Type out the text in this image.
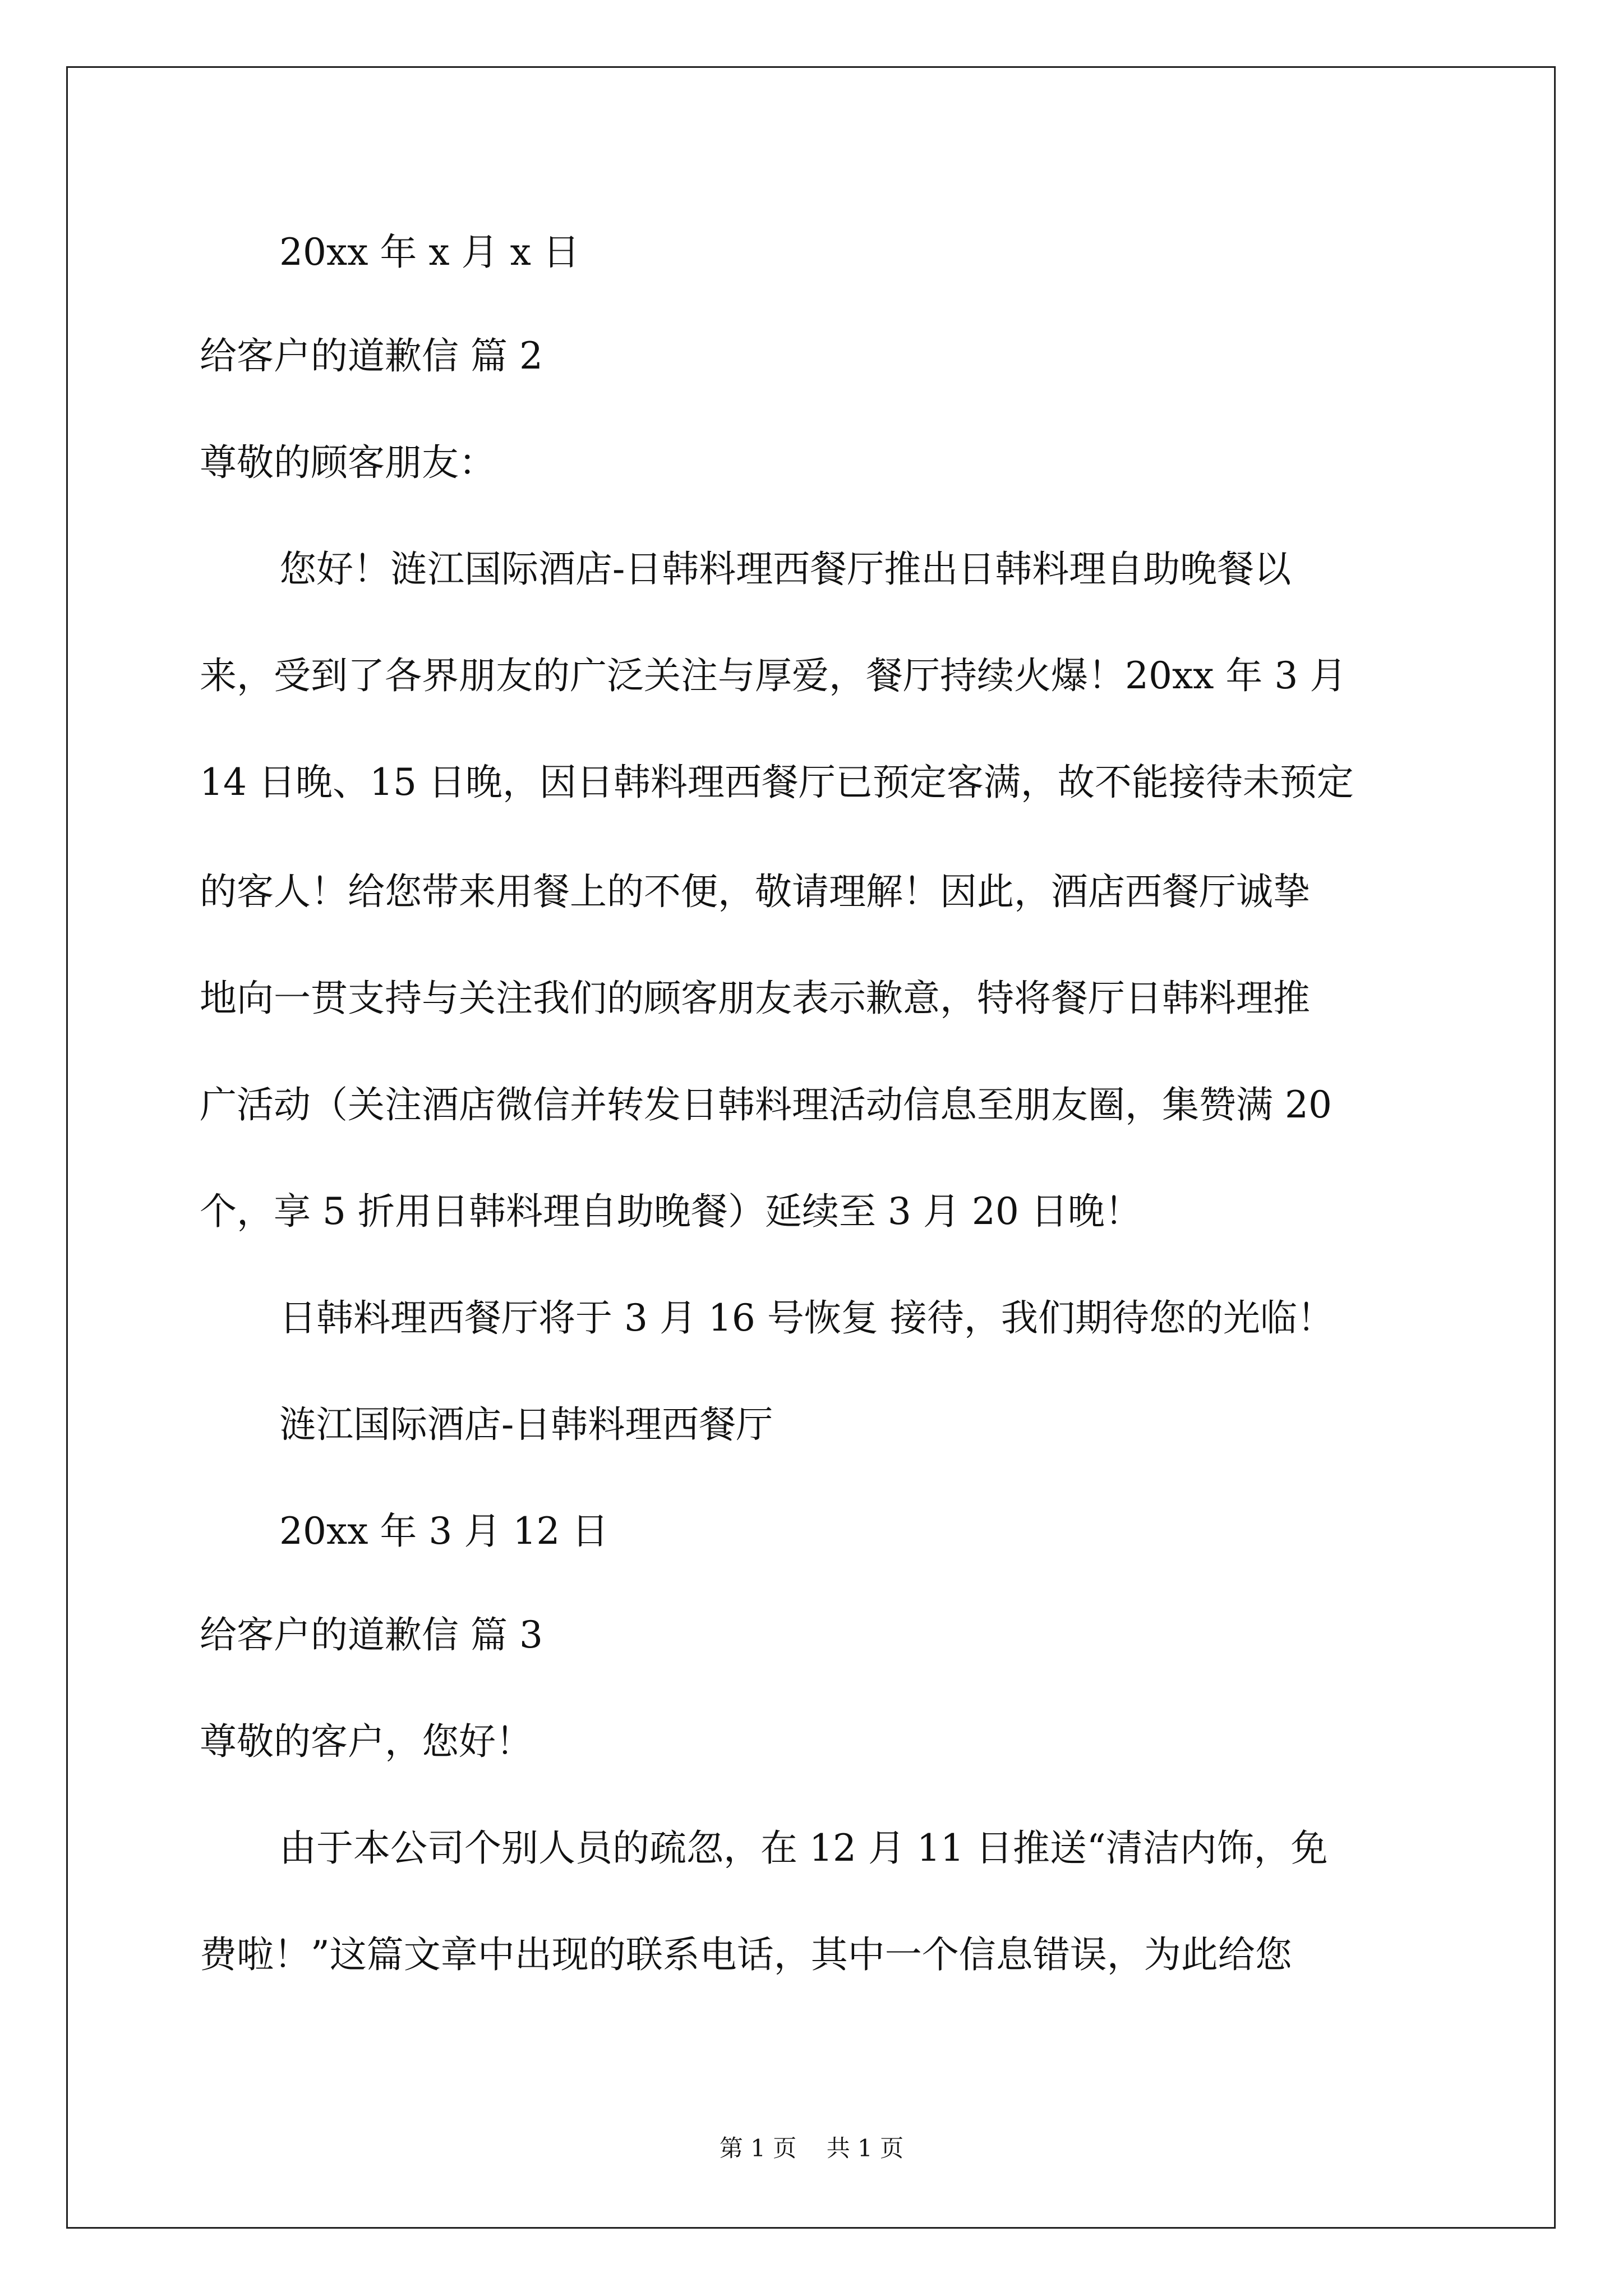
20xx 年 x 月 x 日
给客户的道歉信 篇 2
尊敬的顾客朋友：
您好！涟江国际酒店-日韩料理西餐厅推出日韩料理自助晚餐以
来，受到了各界朋友的广泛关注与厚爱，餐厅持续火爆！20xx 年 3 月
14 日晚、15 日晚，因日韩料理西餐厅已预定客满，故不能接待未预定
的客人！给您带来用餐上的不便，敬请理解！因此，酒店西餐厅诚挚
地向一贯支持与关注我们的顾客朋友表示歉意，特将餐厅日韩料理推
广活动（关注酒店微信并转发日韩料理活动信息至朋友圈，集赞满 20
个，享 5 折用日韩料理自助晚餐）延续至 3 月 20 日晚！
日韩料理西餐厅将于 3 月 16 号恢复 接待，我们期待您的光临！
涟江国际酒店-日韩料理西餐厅
20xx 年 3 月 12 日
给客户的道歉信 篇 3
尊敬的客户，您好！
由于本公司个别人员的疏忽，在 12 月 11 日推送“清洁内饰，免
费啦！”这篇文章中出现的联系电话，其中一个信息错误，为此给您
第 1 页 共 1 页
